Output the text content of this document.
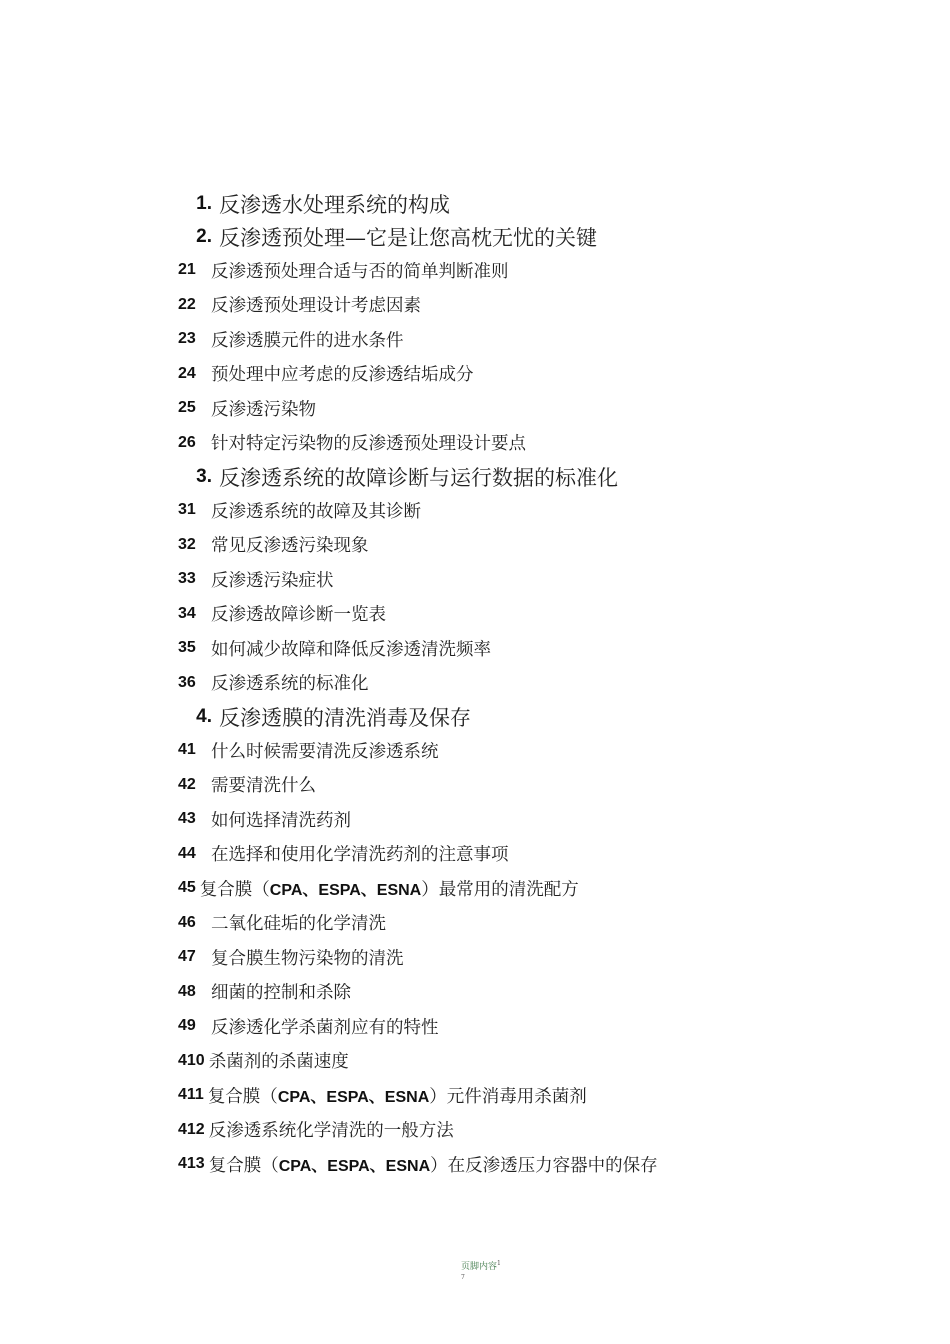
1. 反渗透水处理系统的构成
2. 反渗透预处理—它是让您高枕无忧的关键
21 反渗透预处理合适与否的简单判断准则
22 反渗透预处理设计考虑因素
23 反渗透膜元件的进水条件
24 预处理中应考虑的反渗透结垢成分
25 反渗透污染物
26 针对特定污染物的反渗透预处理设计要点
3. 反渗透系统的故障诊断与运行数据的标准化
31 反渗透系统的故障及其诊断
32 常见反渗透污染现象
33 反渗透污染症状
34 反渗透故障诊断一览表
35 如何减少故障和降低反渗透清洗频率
36 反渗透系统的标准化
4. 反渗透膜的清洗消毒及保存
41 什么时候需要清洗反渗透系统
42 需要清洗什么
43 如何选择清洗药剂
44 在选择和使用化学清洗药剂的注意事项
45 复合膜（CPA、ESPA、ESNA）最常用的清洗配方
46 二氧化硅垢的化学清洗
47 复合膜生物污染物的清洗
48 细菌的控制和杀除
49 反渗透化学杀菌剂应有的特性
410 杀菌剂的杀菌速度
411 复合膜（CPA、ESPA、ESNA）元件消毒用杀菌剂
412 反渗透系统化学清洗的一般方法
413 复合膜（CPA、ESPA、ESNA）在反渗透压力容器中的保存
页脚内容$^1$
7
